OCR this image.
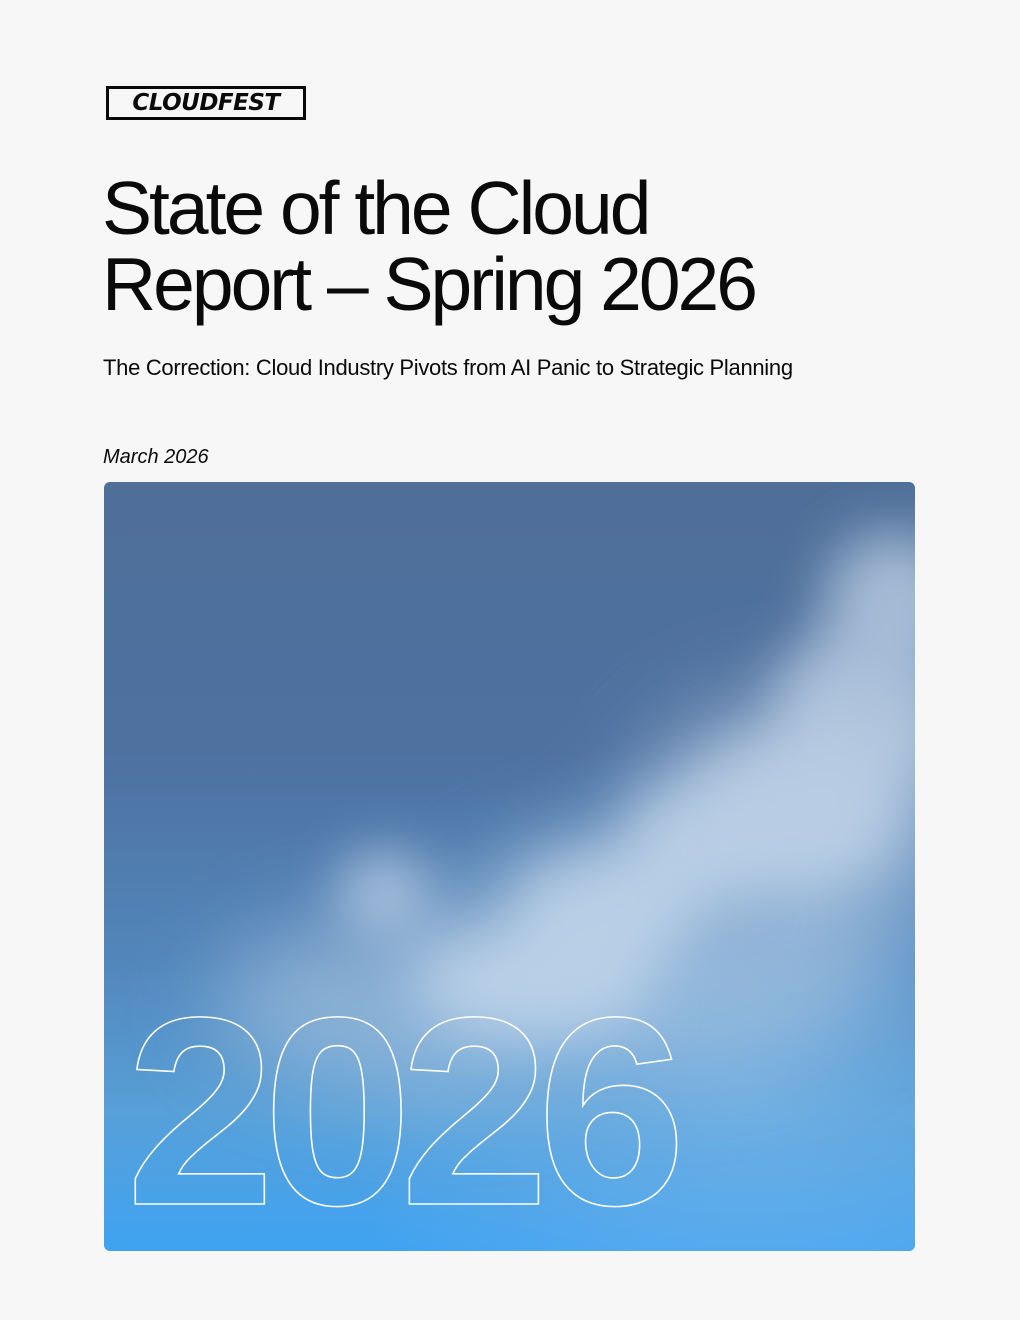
CLOUDFEST
State of the Cloud
Report – Spring 2026
The Correction: Cloud Industry Pivots from AI Panic to Strategic Planning
March 2026
2026
